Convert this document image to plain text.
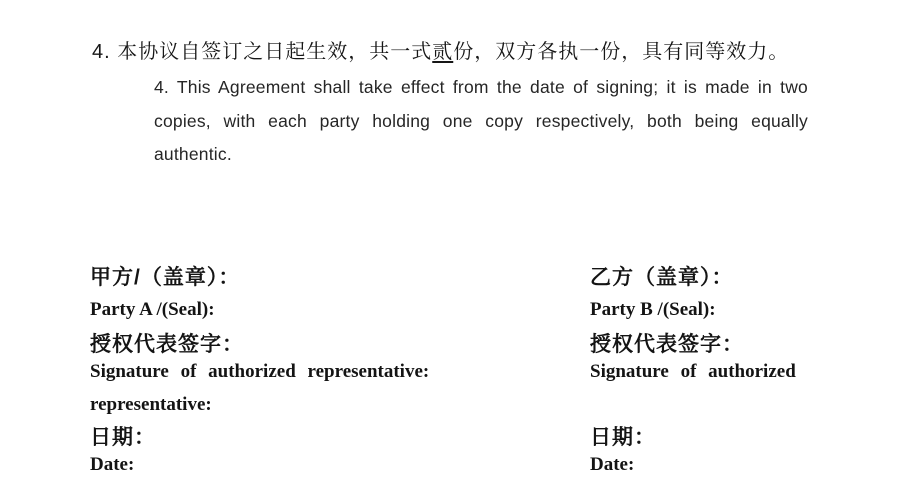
4. 本协议自签订之日起生效，共一式贰份，双方各执一份，具有同等效力。
4. This Agreement shall take effect from the date of signing; it is made in two
copies, with each party holding one copy respectively, both being equally
authentic.
甲方/（盖章）：	乙方（盖章）：
Party A /(Seal):	Party B /(Seal):
授权代表签字：	授权代表签字：
Signature of authorized representative:	Signature of authorized
representative:
日期：	日期：
Date:	Date:
